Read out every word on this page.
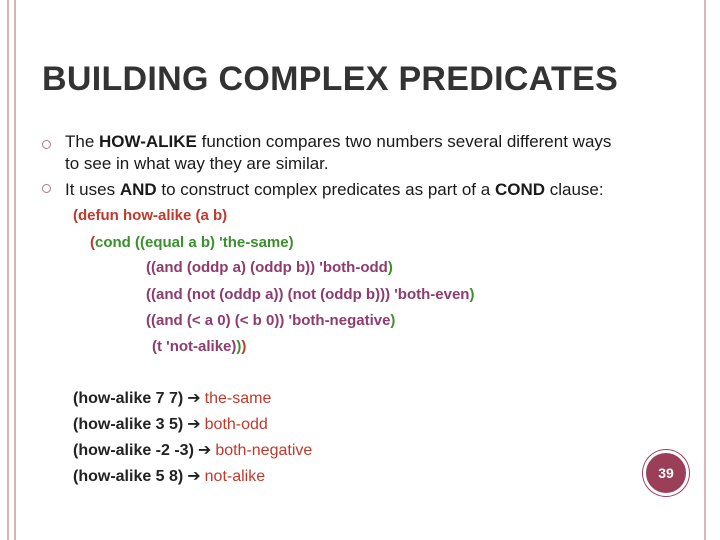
BUILDING COMPLEX PREDICATES
The HOW-ALIKE function compares two numbers several different ways
to see in what way they are similar.
It uses AND to construct complex predicates as part of a COND clause:
(defun how-alike (a b)
(cond ((equal a b) 'the-same)
((and (oddp a) (oddp b)) 'both-odd)
((and (not (oddp a)) (not (oddp b))) 'both-even)
((and (< a 0) (< b 0)) 'both-negative)
(t 'not-alike)))
(how-alike 7 7) ➔ the-same
(how-alike 3 5) ➔ both-odd
(how-alike -2 -3) ➔ both-negative
(how-alike 5 8) ➔ not-alike	39
